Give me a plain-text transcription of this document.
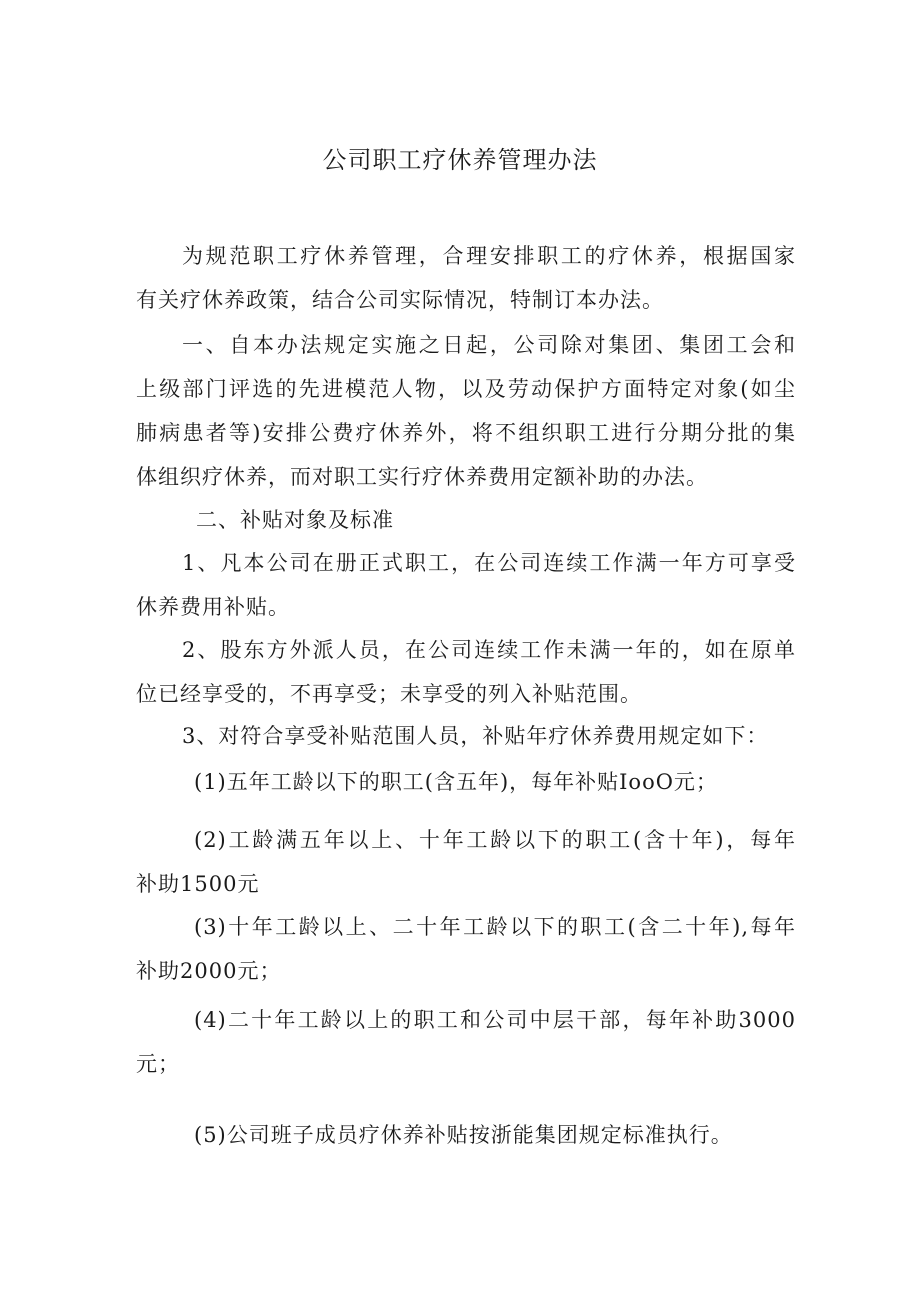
公司职工疗休养管理办法
为规范职工疗休养管理，合理安排职工的疗休养，根据国家
有关疗休养政策，结合公司实际情况，特制订本办法。
一、自本办法规定实施之日起，公司除对集团、集团工会和
上级部门评选的先进模范人物，以及劳动保护方面特定对象(如尘
肺病患者等)安排公费疗休养外，将不组织职工进行分期分批的集
体组织疗休养，而对职工实行疗休养费用定额补助的办法。
二、补贴对象及标准
1、凡本公司在册正式职工，在公司连续工作满一年方可享受
休养费用补贴。
2、股东方外派人员，在公司连续工作未满一年的，如在原单
位已经享受的，不再享受；未享受的列入补贴范围。
3、对符合享受补贴范围人员，补贴年疗休养费用规定如下：
(1)五年工龄以下的职工(含五年)，每年补贴IooO元；
(2)工龄满五年以上、十年工龄以下的职工(含十年)，每年
补助1500元
(3)十年工龄以上、二十年工龄以下的职工(含二十年),每年
补助2000元；
(4)二十年工龄以上的职工和公司中层干部，每年补助3000
元；
(5)公司班子成员疗休养补贴按浙能集团规定标准执行。
